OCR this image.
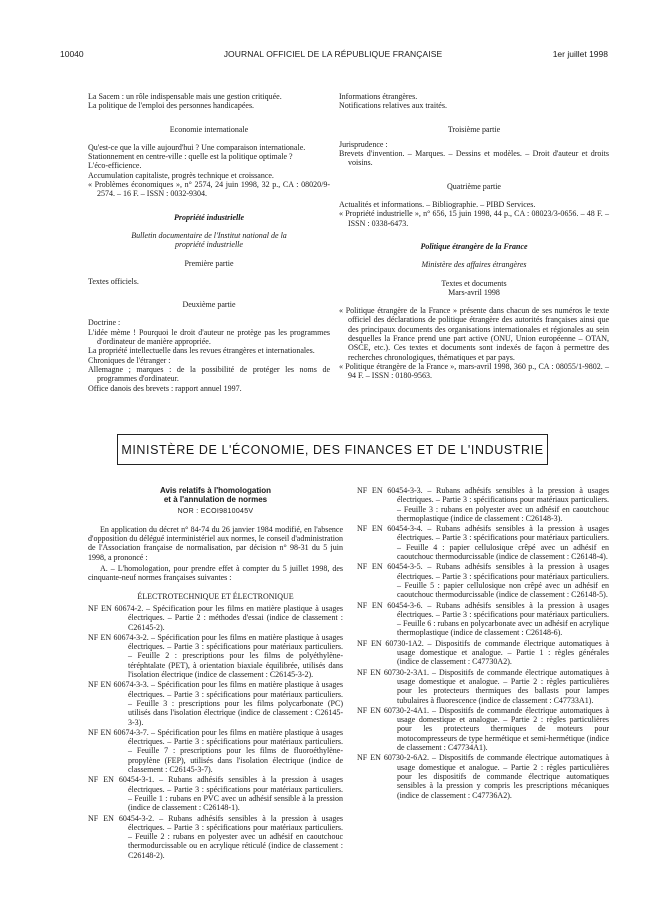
10040	JOURNAL OFFICIEL DE LA RÉPUBLIQUE FRANÇAISE	1er juillet 1998

La Sacem : un rôle indispensable mais une gestion critiquée.

La politique de l'emploi des personnes handicapées.

Economie internationale

Qu'est-ce que la ville aujourd'hui ? Une comparaison internationale.

Stationnement en centre-ville : quelle est la politique optimale ?

L'éco-efficience.

Accumulation capitaliste, progrès technique et croissance.

« Problèmes économiques », n° 2574, 24 juin 1998, 32 p., CA : 08020/9-2574. – 16 F. – ISSN : 0032-9304.

Propriété industrielle

Bulletin documentaire de l'Institut national de la propriété industrielle

Première partie

Textes officiels.

Deuxième partie

Doctrine :

L'idée mème ! Pourquoi le droit d'auteur ne protège pas les programmes d'ordinateur de manière appropriée.

La propriété intellectuelle dans les revues étrangères et internationales.

Chroniques de l'étranger :

Allemagne ; marques : de la possibilité de protéger les noms de programmes d'ordinateur.

Office danois des brevets : rapport annuel 1997.

Informations étrangères.

Notifications relatives aux traités.

Troisième partie

Jurisprudence :

Brevets d'invention. – Marques. – Dessins et modèles. – Droit d'auteur et droits voisins.

Quatrième partie

Actualités et informations. – Bibliographie. – PIBD Services.

« Propriété industrielle », n° 656, 15 juin 1998, 44 p., CA : 08023/3-0656. – 48 F. – ISSN : 0338-6473.

Politique étrangère de la France

Ministère des affaires étrangères

Textes et documents

Mars-avril 1998

« Politique étrangère de la France » présente dans chacun de ses numéros le texte officiel des déclarations de politique étrangère des autorités françaises ainsi que des principaux documents des organisations internationales et régionales au sein desquelles la France prend une part active (ONU, Union européenne – OTAN, OSCE, etc.). Ces textes et documents sont indexés de façon à permettre des recherches chronologiques, thématiques et par pays.

« Politique étrangère de la France », mars-avril 1998, 360 p., CA : 08055/1-9802. – 94 F. – ISSN : 0180-9563.

MINISTÈRE DE L'ÉCONOMIE, DES FINANCES ET DE L'INDUSTRIE

Avis relatifs à l'homologation

et à l'annulation de normes

NOR : ECOI9810045V

En application du décret n° 84-74 du 26 janvier 1984 modifié, en l'absence d'opposition du délégué interministériel aux normes, le conseil d'administration de l'Association française de normalisation, par décision n° 98-31 du 5 juin 1998, a prononcé :

A. – L'homologation, pour prendre effet à compter du 5 juillet 1998, des cinquante-neuf normes françaises suivantes :

ÉLECTROTECHNIQUE ET ÉLECTRONIQUE

NF EN 60674-2. – Spécification pour les films en matière plastique à usages électriques. – Partie 2 : méthodes d'essai (indice de classement : C26145-2).

NF EN 60674-3-2. – Spécification pour les films en matière plastique à usages électriques. – Partie 3 : spécifications pour matériaux particuliers. – Feuille 2 : prescriptions pour les films de polyéthylène-téréphtalate (PET), à orientation biaxiale équilibrée, utilisés dans l'isolation électrique (indice de classement : C26145-3-2).

NF EN 60674-3-3. – Spécification pour les films en matière plastique à usages électriques. – Partie 3 : spécifications pour matériaux particuliers. – Feuille 3 : prescriptions pour les films polycarbonate (PC) utilisés dans l'isolation électrique (indice de classement : C26145-3-3).

NF EN 60674-3-7. – Spécification pour les films en matière plastique à usages électriques. – Partie 3 : spécifications pour matériaux particuliers. – Feuille 7 : prescriptions pour les films de fluoroéthylène-propylène (FEP), utilisés dans l'isolation électrique (indice de classement : C26145-3-7).

NF EN 60454-3-1. – Rubans adhésifs sensibles à la pression à usages électriques. – Partie 3 : spécifications pour matériaux particuliers. – Feuille 1 : rubans en PVC avec un adhésif sensible à la pression (indice de classement : C26148-1).

NF EN 60454-3-2. – Rubans adhésifs sensibles à la pression à usages électriques. – Partie 3 : spécifications pour matériaux particuliers. – Feuille 2 : rubans en polyester avec un adhésif en caoutchouc thermodurcissable ou en acrylique réticulé (indice de classement : C26148-2).

NF EN 60454-3-3. – Rubans adhésifs sensibles à la pression à usages électriques. – Partie 3 : spécifications pour matériaux particuliers. – Feuille 3 : rubans en polyester avec un adhésif en caoutchouc thermoplastique (indice de classement : C26148-3).

NF EN 60454-3-4. – Rubans adhésifs sensibles à la pression à usages électriques. – Partie 3 : spécifications pour matériaux particuliers. – Feuille 4 : papier cellulosique crêpé avec un adhésif en caoutchouc thermodurcissable (indice de classement : C26148-4).

NF EN 60454-3-5. – Rubans adhésifs sensibles à la pression à usages électriques. – Partie 3 : spécifications pour matériaux particuliers. – Feuille 5 : papier cellulosique non crêpé avec un adhésif en caoutchouc thermodurcissable (indice de classement : C26148-5).

NF EN 60454-3-6. – Rubans adhésifs sensibles à la pression à usages électriques. – Partie 3 : spécifications pour matériaux particuliers. – Feuille 6 : rubans en polycarbonate avec un adhésif en acrylique thermoplastique (indice de classement : C26148-6).

NF EN 60730-1A2. – Dispositifs de commande électrique automatiques à usage domestique et analogue. – Partie 1 : règles générales (indice de classement : C47730A2).

NF EN 60730-2-3A1. – Dispositifs de commande électrique automatiques à usage domestique et analogue. – Partie 2 : règles particulières pour les protecteurs thermiques des ballasts pour lampes tubulaires à fluorescence (indice de classement : C47733A1).

NF EN 60730-2-4A1. – Dispositifs de commande électrique automatiques à usage domestique et analogue. – Partie 2 : règles particulières pour les protecteurs thermiques de moteurs pour motocompresseurs de type hermétique et semi-hermétique (indice de classement : C47734A1).

NF EN 60730-2-6A2. – Dispositifs de commande électrique automatiques à usage domestique et analogue. – Partie 2 : règles particulières pour les dispositifs de commande électrique automatiques sensibles à la pression y compris les prescriptions mécaniques (indice de classement : C47736A2).
